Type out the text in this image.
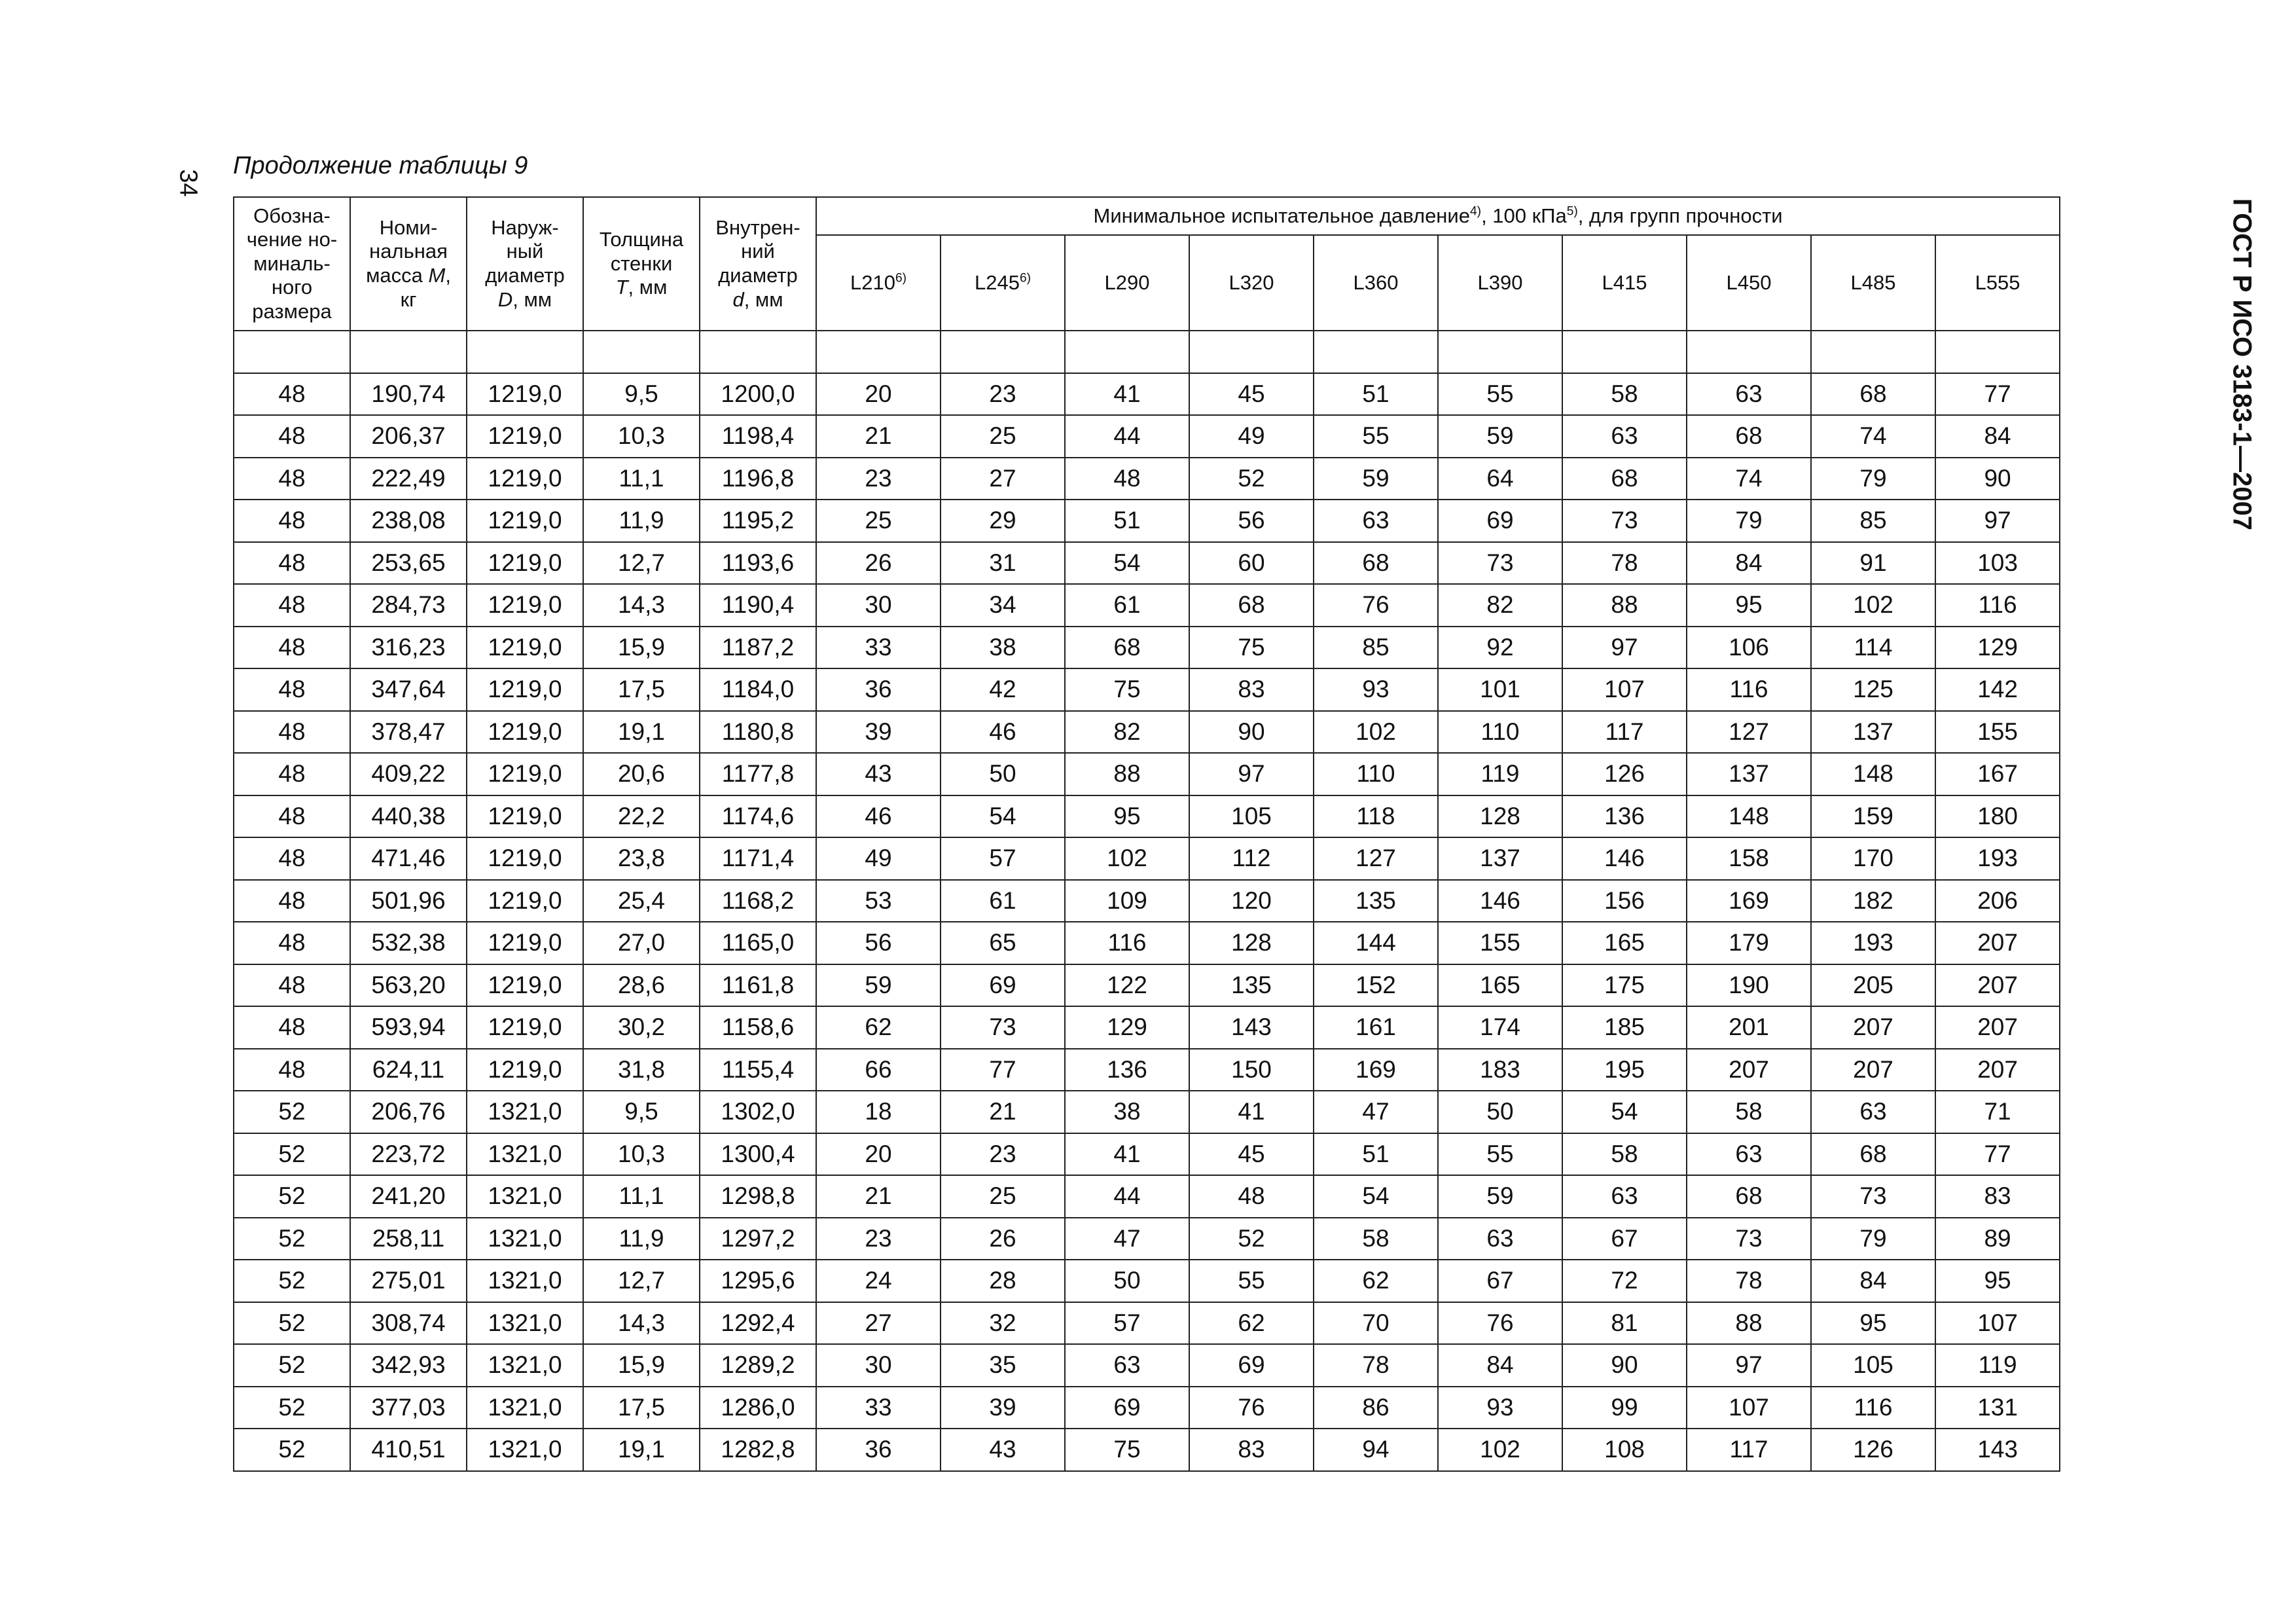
34
Продолжение таблицы 9
ГОСТ Р ИСО 3183-1—2007
Обозна-
чение но-
миналь-
ного
размера	Номи-
нальная
масса M,
кг	Наруж-
ный
диаметр
D, мм	Толщина
стенки
T, мм	Внутрен-
ний
диаметр
d, мм	Минимальное испытательное давление$^{4)}$, 100 кПа$^{5)}$, для групп прочности									
					L210$^{6)}$	L245$^{6)}$	L290	L320	L360	L390	L415	L450	L485	L555

48	190,74	1219,0	9,5	1200,0	20	23	41	45	51	55	58	63	68	77
48	206,37	1219,0	10,3	1198,4	21	25	44	49	55	59	63	68	74	84
48	222,49	1219,0	11,1	1196,8	23	27	48	52	59	64	68	74	79	90
48	238,08	1219,0	11,9	1195,2	25	29	51	56	63	69	73	79	85	97
48	253,65	1219,0	12,7	1193,6	26	31	54	60	68	73	78	84	91	103
48	284,73	1219,0	14,3	1190,4	30	34	61	68	76	82	88	95	102	116
48	316,23	1219,0	15,9	1187,2	33	38	68	75	85	92	97	106	114	129
48	347,64	1219,0	17,5	1184,0	36	42	75	83	93	101	107	116	125	142
48	378,47	1219,0	19,1	1180,8	39	46	82	90	102	110	117	127	137	155
48	409,22	1219,0	20,6	1177,8	43	50	88	97	110	119	126	137	148	167
48	440,38	1219,0	22,2	1174,6	46	54	95	105	118	128	136	148	159	180
48	471,46	1219,0	23,8	1171,4	49	57	102	112	127	137	146	158	170	193
48	501,96	1219,0	25,4	1168,2	53	61	109	120	135	146	156	169	182	206
48	532,38	1219,0	27,0	1165,0	56	65	116	128	144	155	165	179	193	207
48	563,20	1219,0	28,6	1161,8	59	69	122	135	152	165	175	190	205	207
48	593,94	1219,0	30,2	1158,6	62	73	129	143	161	174	185	201	207	207
48	624,11	1219,0	31,8	1155,4	66	77	136	150	169	183	195	207	207	207
52	206,76	1321,0	9,5	1302,0	18	21	38	41	47	50	54	58	63	71
52	223,72	1321,0	10,3	1300,4	20	23	41	45	51	55	58	63	68	77
52	241,20	1321,0	11,1	1298,8	21	25	44	48	54	59	63	68	73	83
52	258,11	1321,0	11,9	1297,2	23	26	47	52	58	63	67	73	79	89
52	275,01	1321,0	12,7	1295,6	24	28	50	55	62	67	72	78	84	95
52	308,74	1321,0	14,3	1292,4	27	32	57	62	70	76	81	88	95	107
52	342,93	1321,0	15,9	1289,2	30	35	63	69	78	84	90	97	105	119
52	377,03	1321,0	17,5	1286,0	33	39	69	76	86	93	99	107	116	131
52	410,51	1321,0	19,1	1282,8	36	43	75	83	94	102	108	117	126	143
